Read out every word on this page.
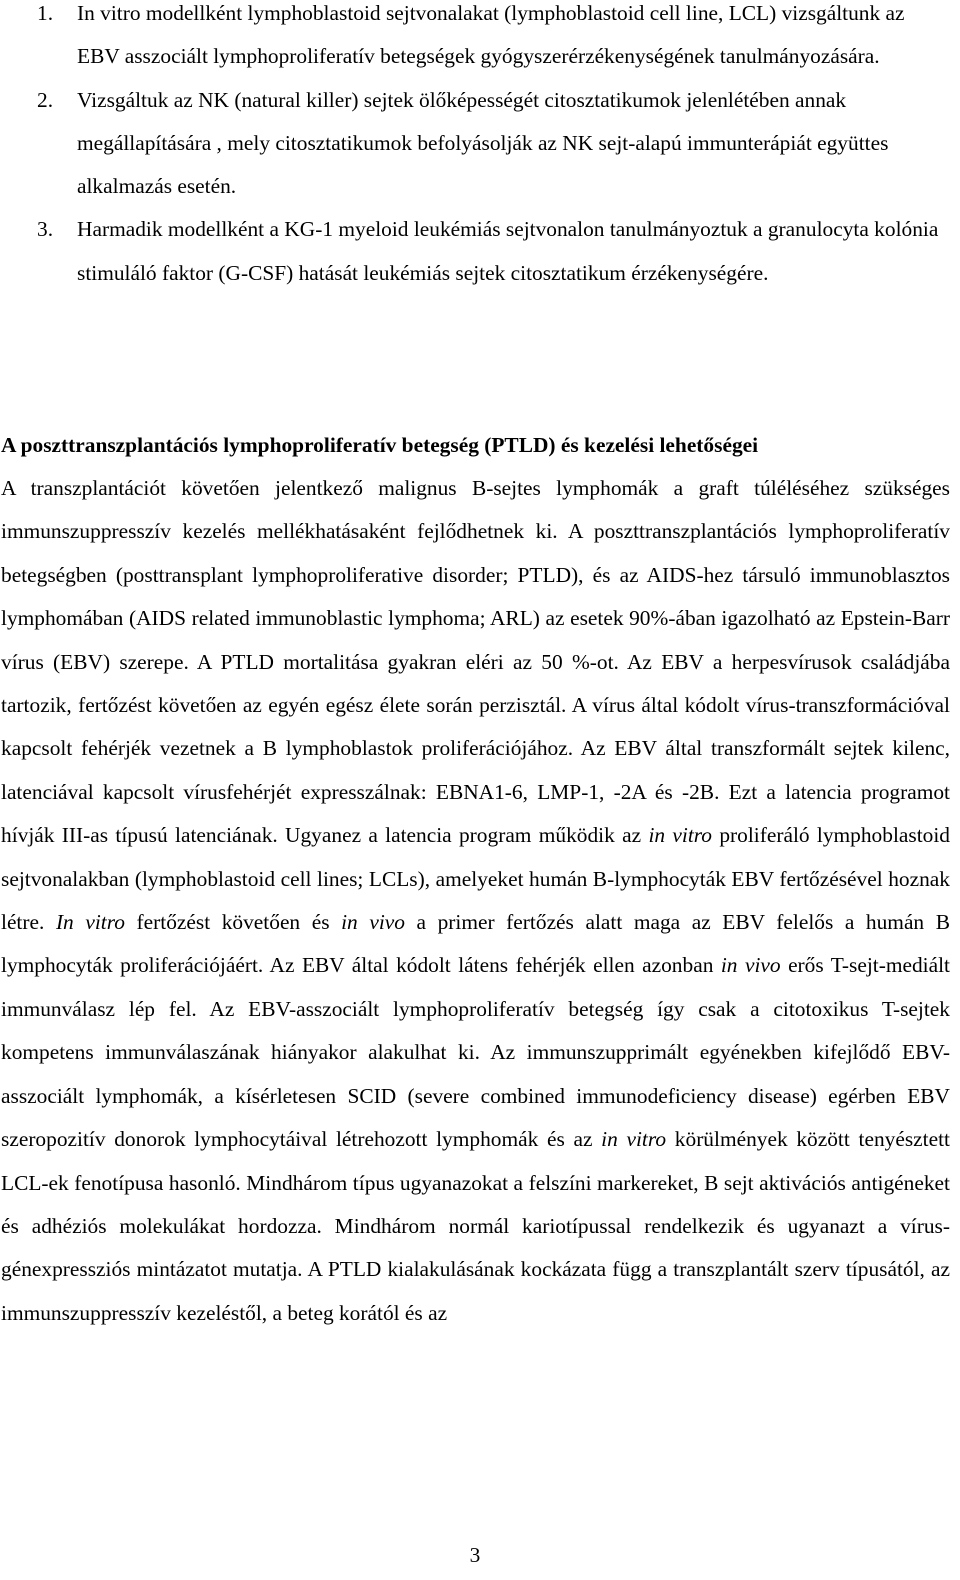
1. In vitro modellként lymphoblastoid sejtvonalakat (lymphoblastoid cell line, LCL) vizsgáltunk az EBV asszociált lymphoproliferatív betegségek gyógyszerérzékenységének tanulmányozására.
2. Vizsgáltuk az NK (natural killer) sejtek ölőképességét citosztatikumok jelenlétében annak megállapítására , mely citosztatikumok befolyásolják az NK sejt-alapú immunterápiát együttes alkalmazás esetén.
3. Harmadik modellként a KG-1 myeloid leukémiás sejtvonalon tanulmányoztuk a granulocyta kolónia stimuláló faktor (G-CSF) hatását leukémiás sejtek citosztatikum érzékenységére.
A poszttranszplantációs lymphoproliferatív betegség (PTLD) és kezelési lehetőségei

A transzplantációt követően jelentkező malignus B-sejtes lymphomák a graft túléléséhez szükséges immunszuppresszív kezelés mellékhatásaként fejlődhetnek ki. A poszttranszplantációs lymphoproliferatív betegségben (posttransplant lymphoproliferative disorder; PTLD), és az AIDS-hez társuló immunoblasztos lymphomában (AIDS related immunoblastic lymphoma; ARL) az esetek 90%-ában igazolható az Epstein-Barr vírus (EBV) szerepe. A PTLD mortalitása gyakran eléri az 50 %-ot. Az EBV a herpesvírusok családjába tartozik, fertőzést követően az egyén egész élete során perzisztál. A vírus által kódolt vírus-transzformációval kapcsolt fehérjék vezetnek a B lymphoblastok proliferációjához. Az EBV által transzformált sejtek kilenc, latenciával kapcsolt vírusfehérjét expresszálnak: EBNA1-6, LMP-1, -2A és -2B. Ezt a latencia programot hívják III-as típusú latenciának. Ugyanez a latencia program működik az in vitro proliferáló lymphoblastoid sejtvonalakban (lymphoblastoid cell lines; LCLs), amelyeket humán B-lymphocyták EBV fertőzésével hoznak létre. In vitro fertőzést követően és in vivo a primer fertőzés alatt maga az EBV felelős a humán B lymphocyták proliferációjáért. Az EBV által kódolt látens fehérjék ellen azonban in vivo erős T-sejt-mediált immunválasz lép fel. Az EBV-asszociált lymphoproliferatív betegség így csak a citotoxikus T-sejtek kompetens immunválaszának hiányakor alakulhat ki. Az immunszupprimált egyénekben kifejlődő EBV-asszociált lymphomák, a kísérletesen SCID (severe combined immunodeficiency disease) egérben EBV szeropozitív donorok lymphocytáival létrehozott lymphomák és az in vitro körülmények között tenyésztett LCL-ek fenotípusa hasonló. Mindhárom típus ugyanazokat a felszíni markereket, B sejt aktivációs antigéneket és adhéziós molekulákat hordozza. Mindhárom normál kariotípussal rendelkezik és ugyanazt a vírus-génexpressziós mintázatot mutatja. A PTLD kialakulásának kockázata függ a transzplantált szerv típusától, az immunszuppresszív kezeléstől, a beteg korától és az

3
